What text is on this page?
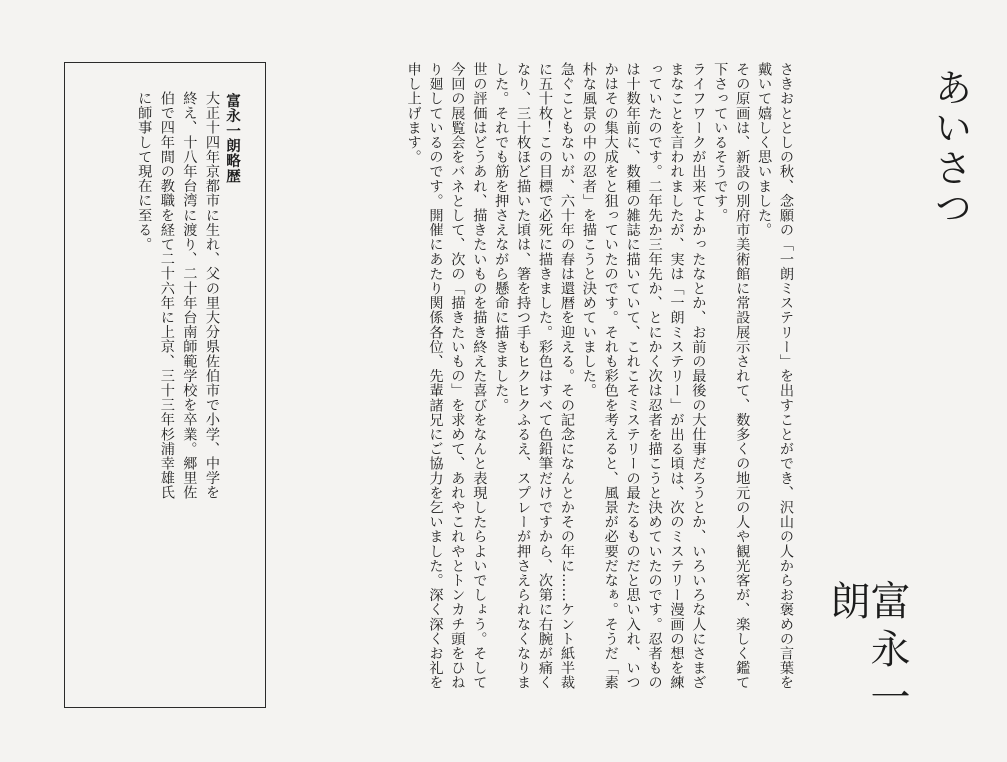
あいさつ

さきおととしの秋、念願の「一朗ミステリー」を出すことができ、沢山の人からお褒めの言葉を戴いて嬉しく思いました。

その原画は、新設の別府市美術館に常設展示されて、数多くの地元の人や観光客が、楽しく鑑て下さっているそうです。

ライフワークが出来てよかったなとか、お前の最後の大仕事だろうとか、いろいろな人にさまざまなことを言われましたが、実は「一朗ミステリー」が出る頃は、次のミステリー漫画の想を練っていたのです。二年先か三年先か、とにかく次は忍者を描こうと決めていたのです。忍者ものは十数年前に、数種の雑誌に描いていて、これこそミステリーの最たるものだと思い入れ、いつかはその集大成をと狙っていたのです。それも彩色を考えると、風景が必要だなぁ。そうだ「素朴な風景の中の忍者」を描こうと決めていました。

急ぐこともないが、六十年の春は還暦を迎える。その記念になんとかその年に……ケント紙半裁に五十枚！この目標で必死に描きました。彩色はすべて色鉛筆だけですから、次第に右腕が痛くなり、三十枚ほど描いた頃は、箸を持つ手もヒクヒクふるえ、スプレーが押さえられなくなりました。それでも筋を押さえながら懸命に描きました。

世の評価はどうあれ、描きたいものを描き終えた喜びをなんと表現したらよいでしょう。そして今回の展覧会をバネとして、次の「描きたいもの」を求めて、あれやこれやとトンカチ頭をひねり廻しているのです。開催にあたり関係各位、先輩諸兄にご協力を乞いました。深く深くお礼を申し上げます。

富永一朗
富永一朗略歴

大正十四年京都市に生れ、父の里大分県佐伯市で小学、中学を終え、十八年台湾に渡り、二十年台南師範学校を卒業。郷里佐伯で四年間の教職を経て二十六年に上京、三十三年杉浦幸雄氏に師事して現在に至る。
